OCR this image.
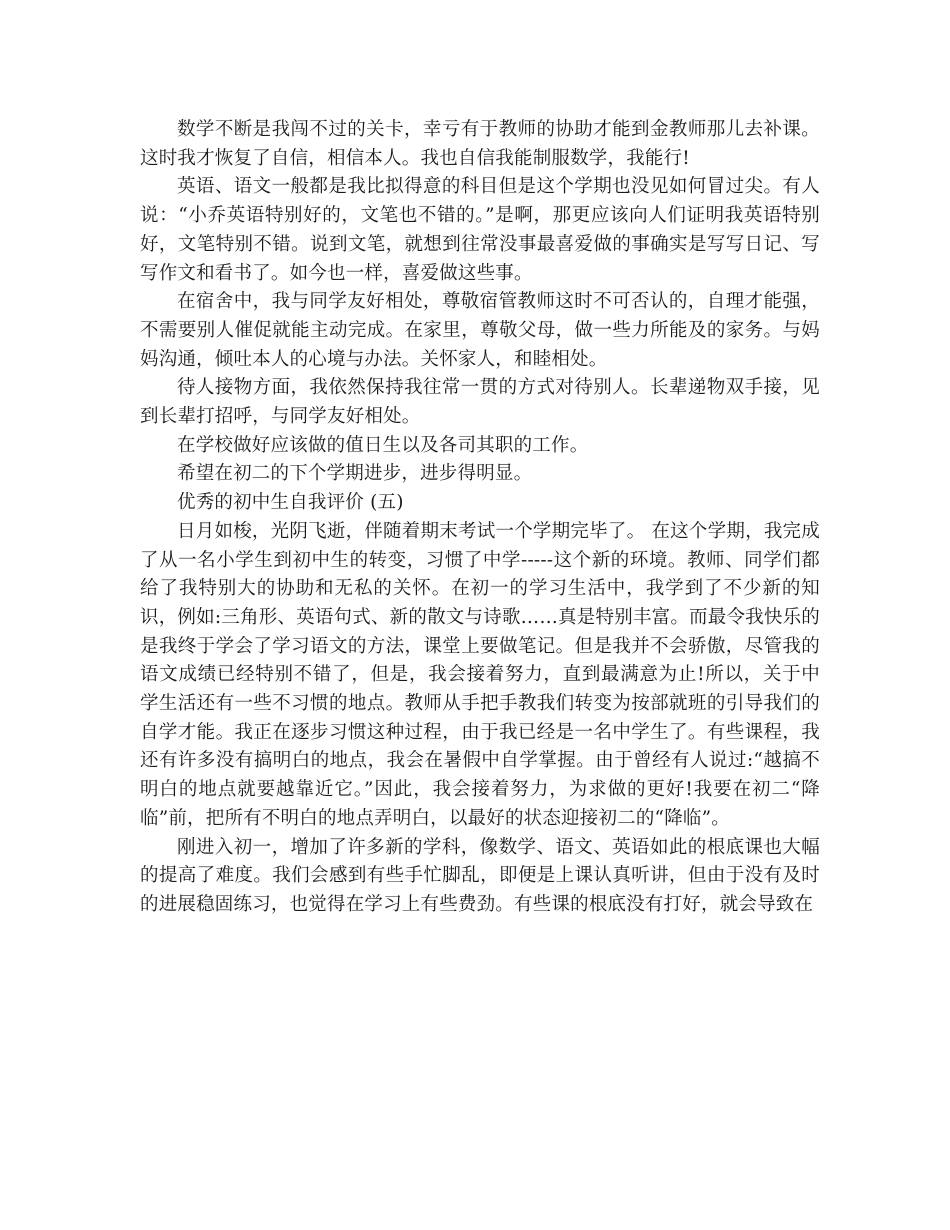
数学不断是我闯不过的关卡，幸亏有于教师的协助才能到金教师那儿去补课。这时我才恢复了自信，相信本人。我也自信我能制服数学，我能行!

英语、语文一般都是我比拟得意的科目但是这个学期也没见如何冒过尖。有人说：“小乔英语特别好的，文笔也不错的。”是啊，那更应该向人们证明我英语特别好，文笔特别不错。说到文笔，就想到往常没事最喜爱做的事确实是写写日记、写写作文和看书了。如今也一样，喜爱做这些事。

在宿舍中，我与同学友好相处，尊敬宿管教师这时不可否认的，自理才能强，不需要别人催促就能主动完成。在家里，尊敬父母，做一些力所能及的家务。与妈妈沟通，倾吐本人的心境与办法。关怀家人，和睦相处。

待人接物方面，我依然保持我往常一贯的方式对待别人。长辈递物双手接，见到长辈打招呼，与同学友好相处。

在学校做好应该做的值日生以及各司其职的工作。

希望在初二的下个学期进步，进步得明显。

优秀的初中生自我评价 (五)

日月如梭，光阴飞逝，伴随着期末考试一个学期完毕了。 在这个学期，我完成了从一名小学生到初中生的转变，习惯了中学-----这个新的环境。教师、同学们都给了我特别大的协助和无私的关怀。在初一的学习生活中，我学到了不少新的知识，例如:三角形、英语句式、新的散文与诗歌……真是特别丰富。而最令我快乐的是我终于学会了学习语文的方法，课堂上要做笔记。但是我并不会骄傲，尽管我的语文成绩已经特别不错了，但是，我会接着努力，直到最满意为止!所以，关于中学生活还有一些不习惯的地点。教师从手把手教我们转变为按部就班的引导我们的自学才能。我正在逐步习惯这种过程，由于我已经是一名中学生了。有些课程，我还有许多没有搞明白的地点，我会在暑假中自学掌握。由于曾经有人说过:“越搞不明白的地点就要越靠近它。”因此，我会接着努力，为求做的更好!我要在初二“降临”前，把所有不明白的地点弄明白，以最好的状态迎接初二的“降临”。

刚进入初一，增加了许多新的学科，像数学、语文、英语如此的根底课也大幅的提高了难度。我们会感到有些手忙脚乱，即便是上课认真听讲，但由于没有及时的进展稳固练习，也觉得在学习上有些费劲。有些课的根底没有打好，就会导致在
